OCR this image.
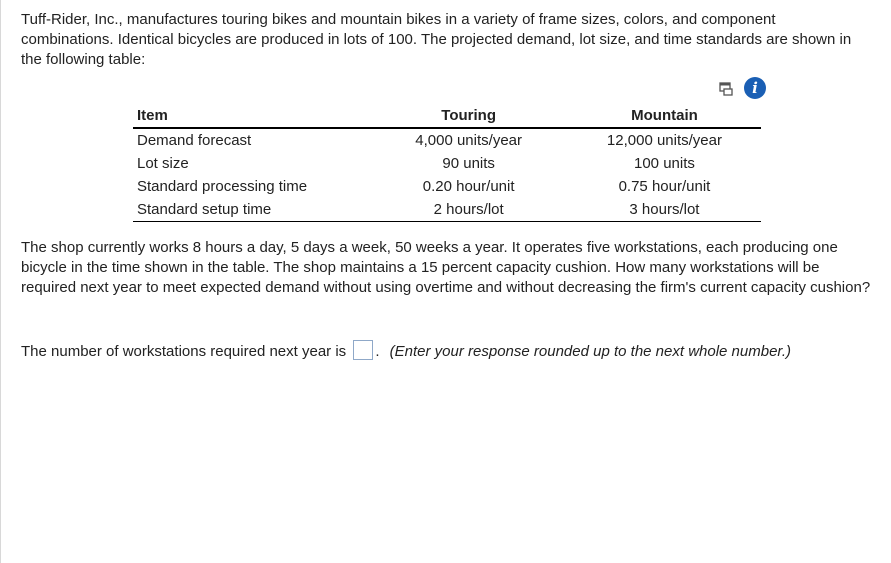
Tuff-Rider, Inc., manufactures touring bikes and mountain bikes in a variety of frame sizes, colors, and component combinations. Identical bicycles are produced in lots of 100. The projected demand, lot size, and time standards are shown in the following table:

i
Item	Touring	Mountain
Demand forecast	4,000 units/year	12,000 units/year
Lot size	90 units	100 units
Standard processing time	0.20 hour/unit	0.75 hour/unit
Standard setup time	2 hours/lot	3 hours/lot

The shop currently works 8 hours a day, 5 days a week, 50 weeks a year. It operates five workstations, each producing one bicycle in the time shown in the table. The shop maintains a 15 percent capacity cushion. How many workstations will be required next year to meet expected demand without using overtime and without decreasing the firm's current capacity cushion?

The number of workstations required next year is . (Enter your response rounded up to the next whole number.)
